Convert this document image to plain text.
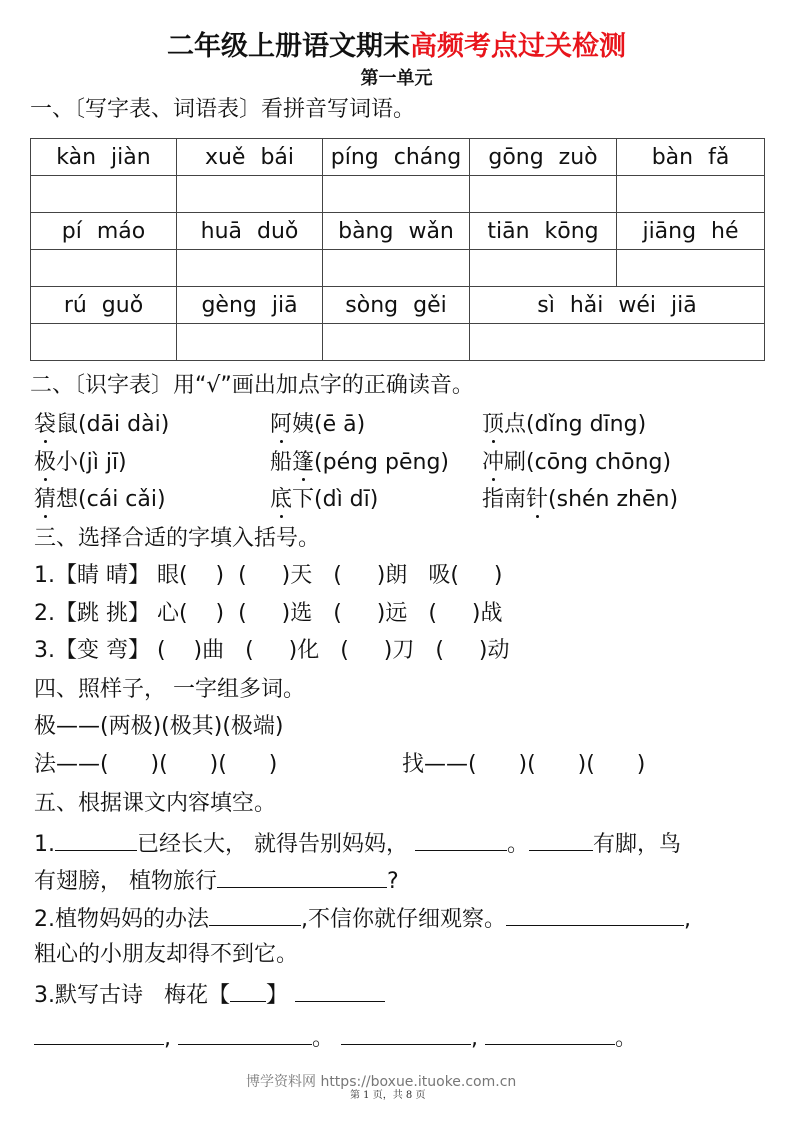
二年级上册语文期末高频考点过关检测
第一单元
一、〔写字表、词语表〕看拼音写词语。
kàn jiàn	xuě bái	píng cháng	gōng zuò	bàn fǎ

pí máo	huā duǒ	bàng wǎn	tiān kōng	jiāng hé

rú guǒ	gèng jiā	sòng gěi	sì hǎi wéi jiā	

二、〔识字表〕用“√”画出加点字的正确读音。
袋鼠(dāi dài)	阿姨(ē ā)	顶点(dǐng dīng)
极小(jì jī)	船篷(péng pēng) 冲刷(cōng chōng)
猜想(cái cǎi)	底下(dì dī)	指南针(shén zhēn)
三、选择合适的字填入括号。
1.【睛 晴】 眼(    )  (     )天   (     )朗   吸(     )
2.【跳 挑】 心(    )  (     )选   (     )远   (     )战
3.【变 弯】 (    )曲   (     )化   (     )刀   (     )动
四、照样子， 一字组多词。
极——(两极)(极其)(极端)
法——(      )(      )(      )	找——(      )(      )(      )
五、根据课文内容填空。
1.	已经长大， 就得告别妈妈，	。	有脚，鸟
有翅膀， 植物旅行	?
2.植物妈妈的办法	,不信你就仔细观察。	,
粗心的小朋友却得不到它。
3.默写古诗   梅花【 】
,	。	,	。
博学资料网 https://boxue.ituoke.com.cn
第 1 页，共 8 页
